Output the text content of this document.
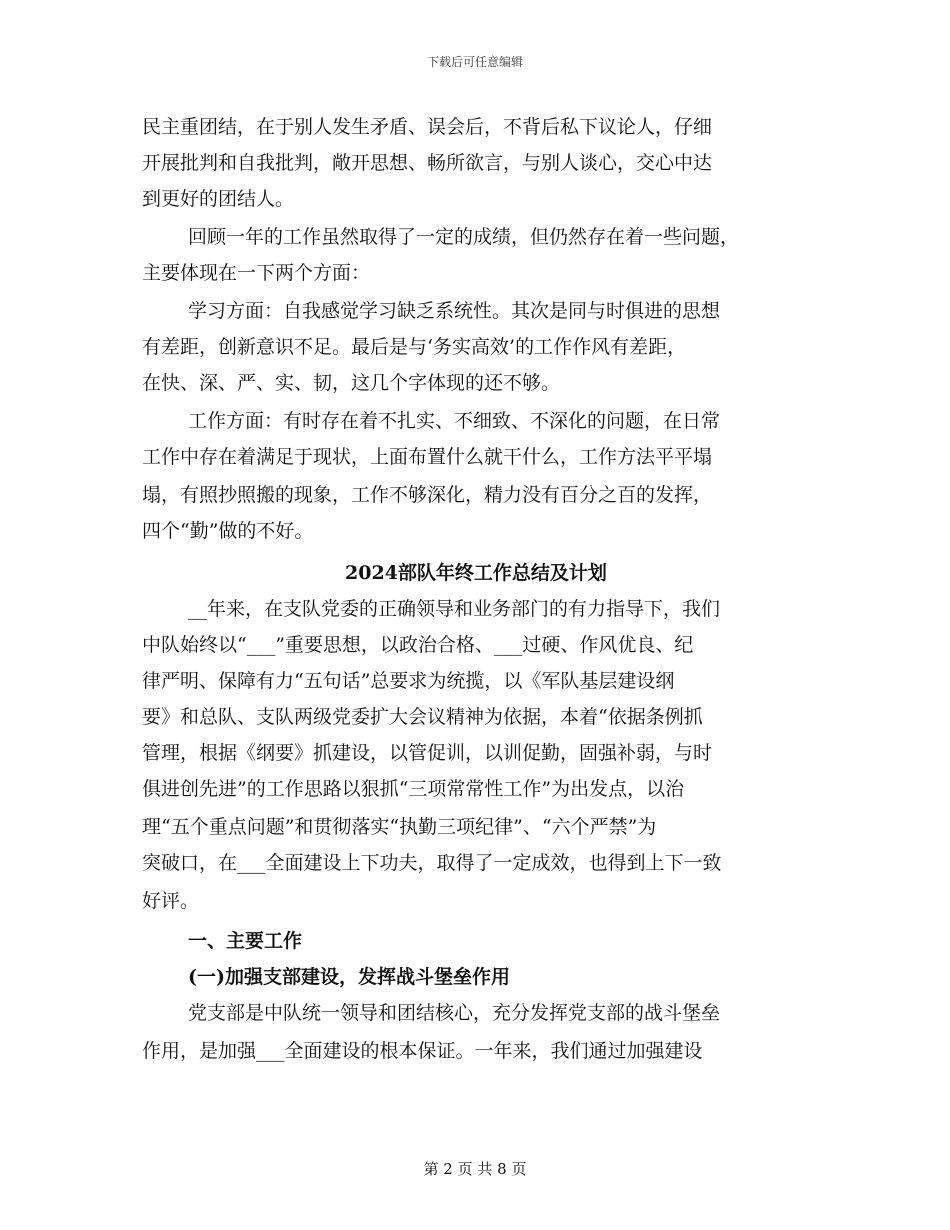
下载后可任意编辑
民主重团结，在于别人发生矛盾、误会后，不背后私下议论人，仔细
开展批判和自我批判，敞开思想、畅所欲言，与别人谈心，交心中达
到更好的团结人。
回顾一年的工作虽然取得了一定的成绩，但仍然存在着一些问题，
主要体现在一下两个方面：
学习方面：自我感觉学习缺乏系统性。其次是同与时俱进的思想
有差距，创新意识不足。最后是与‘务实高效’的工作作风有差距，
在快、深、严、实、韧，这几个字体现的还不够。
工作方面：有时存在着不扎实、不细致、不深化的问题，在日常
工作中存在着满足于现状，上面布置什么就干什么，工作方法平平塌
塌，有照抄照搬的现象，工作不够深化，精力没有百分之百的发挥，
四个“勤”做的不好。
2024部队年终工作总结及计划
__年来，在支队党委的正确领导和业务部门的有力指导下，我们
中队始终以“___”重要思想，以政治合格、___过硬、作风优良、纪
律严明、保障有力“五句话”总要求为统揽，以《军队基层建设纲
要》和总队、支队两级党委扩大会议精神为依据，本着“依据条例抓
管理，根据《纲要》抓建设，以管促训，以训促勤，固强补弱，与时
俱进创先进”的工作思路以狠抓“三项常常性工作”为出发点，以治
理“五个重点问题”和贯彻落实“执勤三项纪律”、“六个严禁”为
突破口，在___全面建设上下功夫，取得了一定成效，也得到上下一致
好评。
一、主要工作
(一)加强支部建设，发挥战斗堡垒作用
党支部是中队统一领导和团结核心，充分发挥党支部的战斗堡垒
作用，是加强___全面建设的根本保证。一年来，我们通过加强建设
第 2 页 共 8 页
